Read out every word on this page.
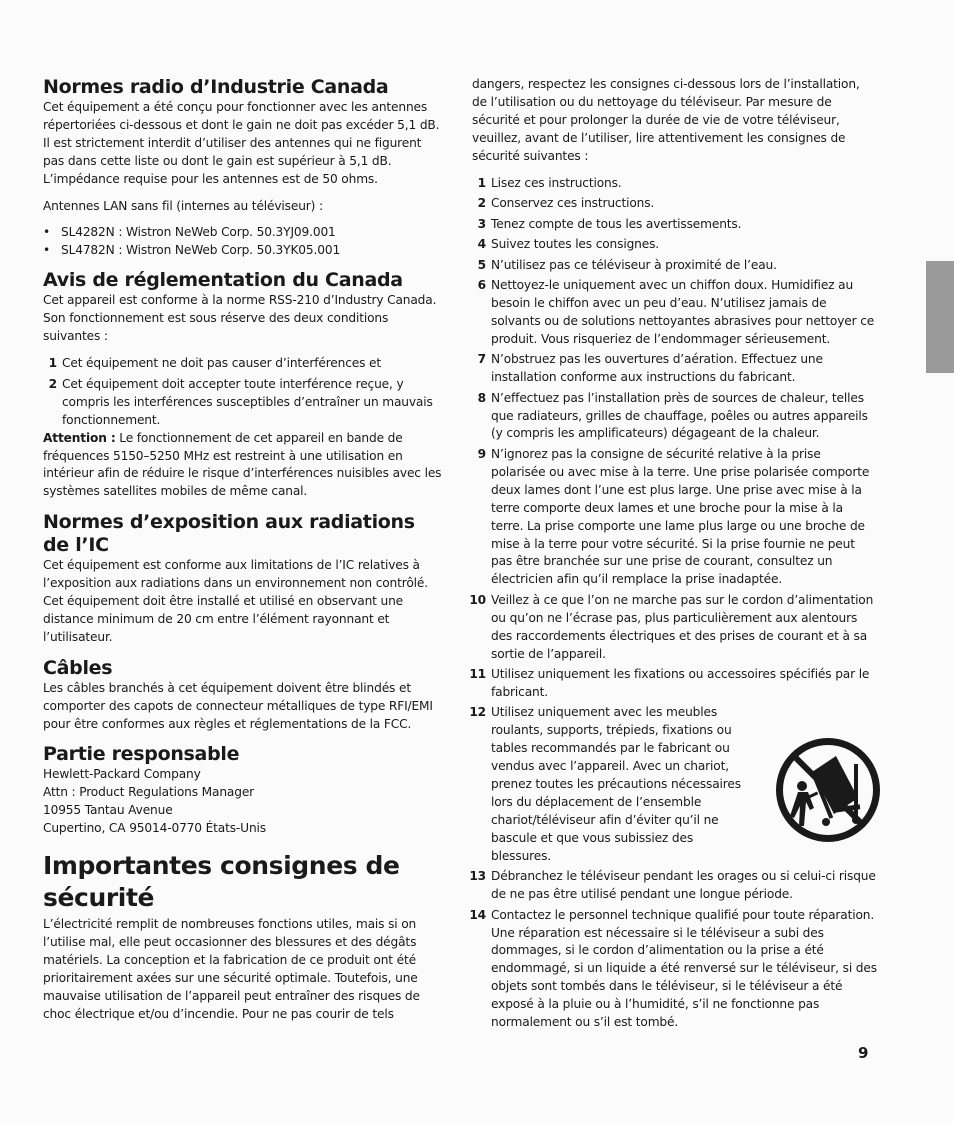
Normes radio d’Industrie Canada

Cet équipement a été conçu pour fonctionner avec les antennes répertoriées ci-dessous et dont le gain ne doit pas excéder 5,1 dB. Il est strictement interdit d’utiliser des antennes qui ne figurent pas dans cette liste ou dont le gain est supérieur à 5,1 dB. L’impédance requise pour les antennes est de 50 ohms.

Antennes LAN sans fil (internes au téléviseur) :

• SL4282N : Wistron NeWeb Corp. 50.3YJ09.001
• SL4782N : Wistron NeWeb Corp. 50.3YK05.001
Avis de réglementation du Canada

Cet appareil est conforme à la norme RSS-210 d’Industry Canada. Son fonctionnement est sous réserve des deux conditions suivantes :

1 Cet équipement ne doit pas causer d’interférences et
2 Cet équipement doit accepter toute interférence reçue, y compris les interférences susceptibles d’entraîner un mauvais fonctionnement.

Attention : Le fonctionnement de cet appareil en bande de fréquences 5150–5250 MHz est restreint à une utilisation en intérieur afin de réduire le risque d’interférences nuisibles avec les systèmes satellites mobiles de même canal.

Normes d’exposition aux radiations de l’IC

Cet équipement est conforme aux limitations de l’IC relatives à l’exposition aux radiations dans un environnement non contrôlé. Cet équipement doit être installé et utilisé en observant une distance minimum de 20 cm entre l’élément rayonnant et l’utilisateur.

Câbles

Les câbles branchés à cet équipement doivent être blindés et comporter des capots de connecteur métalliques de type RFI/EMI pour être conformes aux règles et réglementations de la FCC.

Partie responsable

Hewlett-Packard Company

Attn : Product Regulations Manager

10955 Tantau Avenue

Cupertino, CA 95014-0770 États-Unis

Importantes consignes de sécurité

L’électricité remplit de nombreuses fonctions utiles, mais si on l’utilise mal, elle peut occasionner des blessures et des dégâts matériels. La conception et la fabrication de ce produit ont été prioritairement axées sur une sécurité optimale. Toutefois, une mauvaise utilisation de l’appareil peut entraîner des risques de choc électrique et/ou d’incendie. Pour ne pas courir de tels

dangers, respectez les consignes ci-dessous lors de l’installation, de l’utilisation ou du nettoyage du téléviseur. Par mesure de sécurité et pour prolonger la durée de vie de votre téléviseur, veuillez, avant de l’utiliser, lire attentivement les consignes de sécurité suivantes :

1 Lisez ces instructions.
2 Conservez ces instructions.
3 Tenez compte de tous les avertissements.
4 Suivez toutes les consignes.
5 N’utilisez pas ce téléviseur à proximité de l’eau.
6 Nettoyez-le uniquement avec un chiffon doux. Humidifiez au besoin le chiffon avec un peu d’eau. N’utilisez jamais de solvants ou de solutions nettoyantes abrasives pour nettoyer ce produit. Vous risqueriez de l’endommager sérieusement.
7 N’obstruez pas les ouvertures d’aération. Effectuez une installation conforme aux instructions du fabricant.
8 N’effectuez pas l’installation près de sources de chaleur, telles que radiateurs, grilles de chauffage, poêles ou autres appareils (y compris les amplificateurs) dégageant de la chaleur.
9 N’ignorez pas la consigne de sécurité relative à la prise polarisée ou avec mise à la terre. Une prise polarisée comporte deux lames dont l’une est plus large. Une prise avec mise à la terre comporte deux lames et une broche pour la mise à la terre. La prise comporte une lame plus large ou une broche de mise à la terre pour votre sécurité. Si la prise fournie ne peut pas être branchée sur une prise de courant, consultez un électricien afin qu’il remplace la prise inadaptée.
10 Veillez à ce que l’on ne marche pas sur le cordon d’alimentation ou qu’on ne l’écrase pas, plus particulièrement aux alentours des raccordements électriques et des prises de courant et à sa sortie de l’appareil.
11 Utilisez uniquement les fixations ou accessoires spécifiés par le fabricant.
12 Utilisez uniquement avec les meubles roulants, supports, trépieds, fixations ou tables recommandés par le fabricant ou vendus avec l’appareil. Avec un chariot, prenez toutes les précautions nécessaires lors du déplacement de l’ensemble chariot/téléviseur afin d’éviter qu’il ne bascule et que vous subissiez des blessures.
13 Débranchez le téléviseur pendant les orages ou si celui-ci risque de ne pas être utilisé pendant une longue période.
14 Contactez le personnel technique qualifié pour toute réparation. Une réparation est nécessaire si le téléviseur a subi des dommages, si le cordon d’alimentation ou la prise a été endommagé, si un liquide a été renversé sur le téléviseur, si des objets sont tombés dans le téléviseur, si le téléviseur a été exposé à la pluie ou à l’humidité, s’il ne fonctionne pas normalement ou s’il est tombé.
9
